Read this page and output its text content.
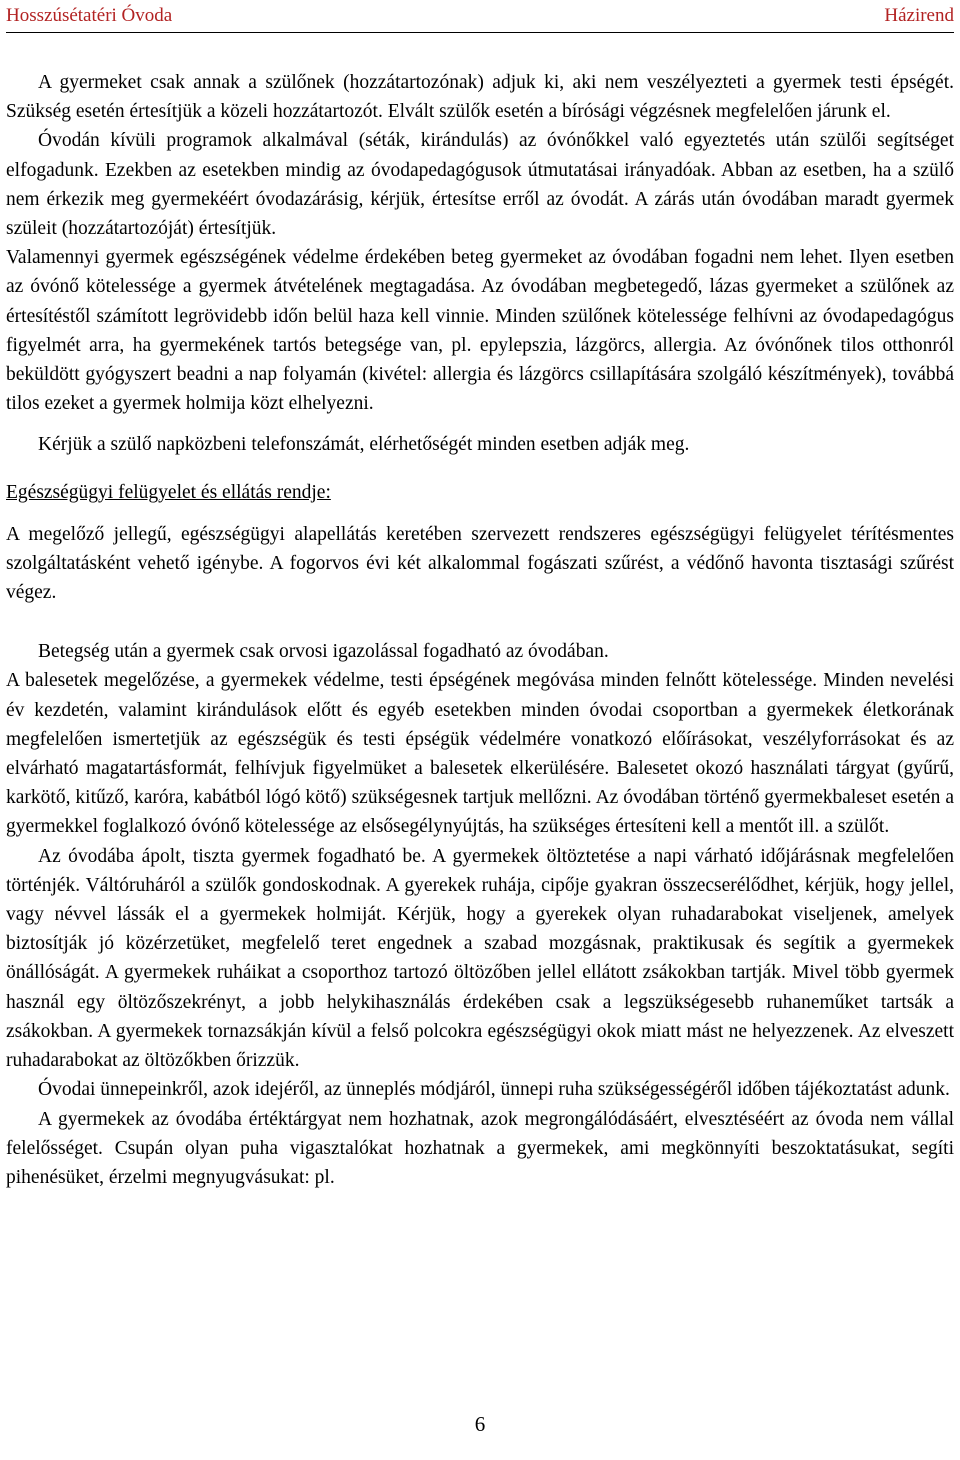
Hosszúsétatéri Óvoda	Házirend

A gyermeket csak annak a szülőnek (hozzátartozónak) adjuk ki, aki nem veszélyezteti a gyermek testi épségét. Szükség esetén értesítjük a közeli hozzátartozót. Elvált szülők esetén a bírósági végzésnek megfelelően járunk el.

Óvodán kívüli programok alkalmával (séták, kirándulás) az óvónőkkel való egyeztetés után szülői segítséget elfogadunk. Ezekben az esetekben mindig az óvodapedagógusok útmutatásai irányadóak. Abban az esetben, ha a szülő nem érkezik meg gyermekéért óvodazárásig, kérjük, értesítse erről az óvodát. A zárás után óvodában maradt gyermek szüleit (hozzátartozóját) értesítjük.

Valamennyi gyermek egészségének védelme érdekében beteg gyermeket az óvodában fogadni nem lehet. Ilyen esetben az óvónő kötelessége a gyermek átvételének megtagadása. Az óvodában megbetegedő, lázas gyermeket a szülőnek az értesítéstől számított legrövidebb időn belül haza kell vinnie. Minden szülőnek kötelessége felhívni az óvodapedagógus figyelmét arra, ha gyermekének tartós betegsége van, pl. epylepszia, lázgörcs, allergia. Az óvónőnek tilos otthonról beküldött gyógyszert beadni a nap folyamán (kivétel: allergia és lázgörcs csillapítására szolgáló készítmények), továbbá tilos ezeket a gyermek holmija közt elhelyezni.

Kérjük a szülő napközbeni telefonszámát, elérhetőségét minden esetben adják meg.

Egészségügyi felügyelet és ellátás rendje:

A megelőző jellegű, egészségügyi alapellátás keretében szervezett rendszeres egészségügyi felügyelet térítésmentes szolgáltatásként vehető igénybe. A fogorvos évi két alkalommal fogászati szűrést, a védőnő havonta tisztasági szűrést végez.

Betegség után a gyermek csak orvosi igazolással fogadható az óvodában.

A balesetek megelőzése, a gyermekek védelme, testi épségének megóvása minden felnőtt kötelessége. Minden nevelési év kezdetén, valamint kirándulások előtt és egyéb esetekben minden óvodai csoportban a gyermekek életkorának megfelelően ismertetjük az egészségük és testi épségük védelmére vonatkozó előírásokat, veszélyforrásokat és az elvárható magatartásformát, felhívjuk figyelmüket a balesetek elkerülésére. Balesetet okozó használati tárgyat (gyűrű, karkötő, kitűző, karóra, kabátból lógó kötő) szükségesnek tartjuk mellőzni. Az óvodában történő gyermekbaleset esetén a gyermekkel foglalkozó óvónő kötelessége az elsősegélynyújtás, ha szükséges értesíteni kell a mentőt ill. a szülőt.

Az óvodába ápolt, tiszta gyermek fogadható be. A gyermekek öltöztetése a napi várható időjárásnak megfelelően történjék. Váltóruháról a szülők gondoskodnak. A gyerekek ruhája, cipője gyakran összecserélődhet, kérjük, hogy jellel, vagy névvel lássák el a gyermekek holmiját. Kérjük, hogy a gyerekek olyan ruhadarabokat viseljenek, amelyek biztosítják jó közérzetüket, megfelelő teret engednek a szabad mozgásnak, praktikusak és segítik a gyermekek önállóságát. A gyermekek ruháikat a csoporthoz tartozó öltözőben jellel ellátott zsákokban tartják. Mivel több gyermek használ egy öltözőszekrényt, a jobb helykihasználás érdekében csak a legszükségesebb ruhaneműket tartsák a zsákokban. A gyermekek tornazsákján kívül a felső polcokra egészségügyi okok miatt mást ne helyezzenek. Az elveszett ruhadarabokat az öltözőkben őrizzük.

Óvodai ünnepeinkről, azok idejéről, az ünneplés módjáról, ünnepi ruha szükségességéről időben tájékoztatást adunk.

A gyermekek az óvodába értéktárgyat nem hozhatnak, azok megrongálódásáért, elvesztéséért az óvoda nem vállal felelősséget. Csupán olyan puha vigasztalókat hozhatnak a gyermekek, ami megkönnyíti beszoktatásukat, segíti pihenésüket, érzelmi megnyugvásukat: pl.

6
